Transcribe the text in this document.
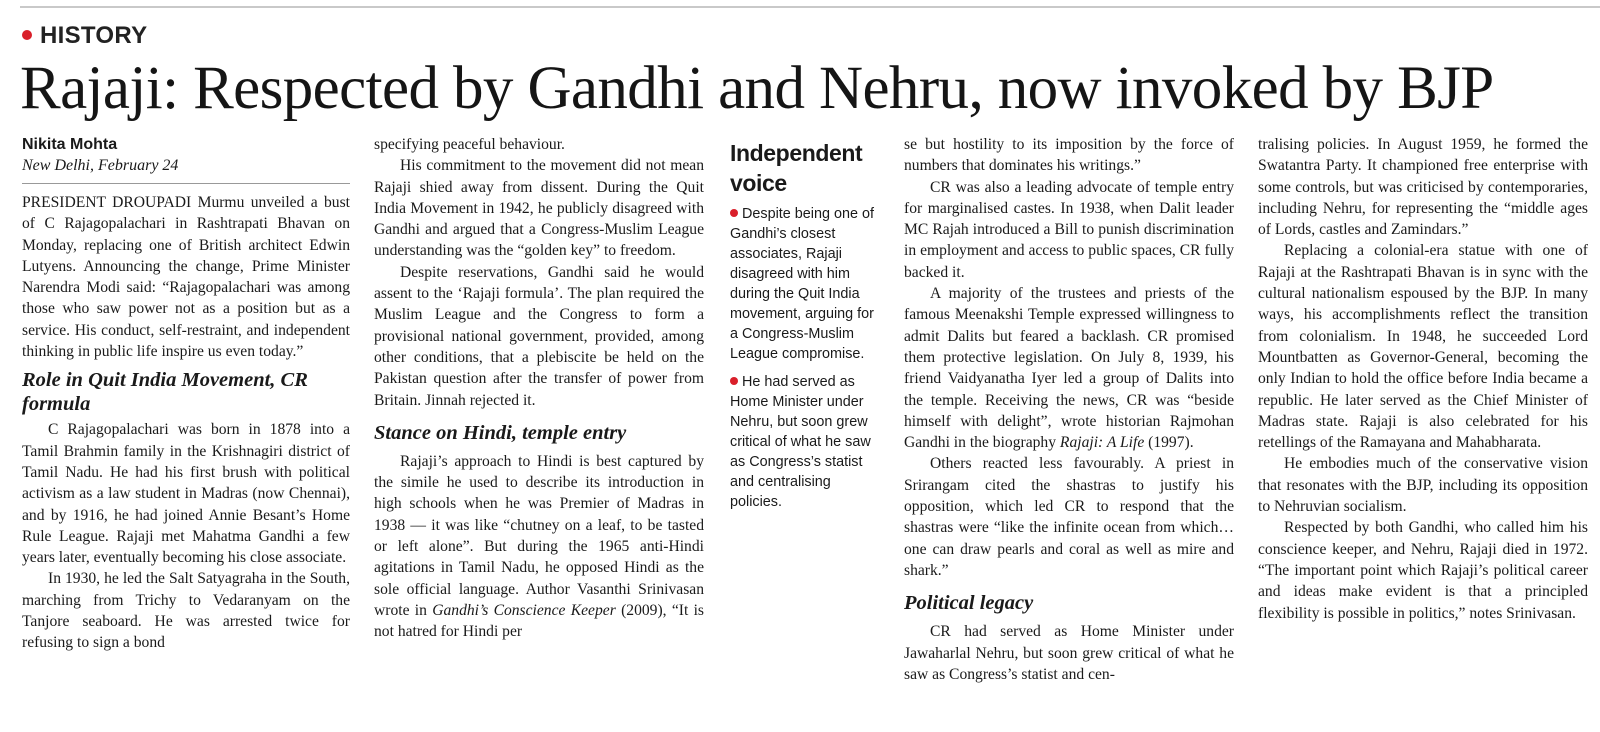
HISTORY
Rajaji: Respected by Gandhi and Nehru, now invoked by BJP
Nikita Mohta
New Delhi, February 24

PRESIDENT DROUPADI Murmu unveiled a bust of C Rajagopalachari in Rashtrapati Bhavan on Monday, replacing one of British architect Edwin Lutyens. Announcing the change, Prime Minister Narendra Modi said: “Rajagopalachari was among those who saw power not as a position but as a service. His conduct, self-restraint, and independent thinking in public life inspire us even today.”

Role in Quit India Movement, CR formula

C Rajagopalachari was born in 1878 into a Tamil Brahmin family in the Krishnagiri district of Tamil Nadu. He had his first brush with political activism as a law student in Madras (now Chennai), and by 1916, he had joined Annie Besant’s Home Rule League. Rajaji met Mahatma Gandhi a few years later, eventually becoming his close associate.

In 1930, he led the Salt Satyagraha in the South, marching from Trichy to Vedaranyam on the Tanjore seaboard. He was arrested twice for refusing to sign a bond

specifying peaceful behaviour.

His commitment to the movement did not mean Rajaji shied away from dissent. During the Quit India Movement in 1942, he publicly disagreed with Gandhi and argued that a Congress-Muslim League understanding was the “golden key” to freedom.

Despite reservations, Gandhi said he would assent to the ‘Rajaji formula’. The plan required the Muslim League and the Congress to form a provisional national government, provided, among other conditions, that a plebiscite be held on the Pakistan question after the transfer of power from Britain. Jinnah rejected it.

Stance on Hindi, temple entry

Rajaji’s approach to Hindi is best captured by the simile he used to describe its introduction in high schools when he was Premier of Madras in 1938 — it was like “chutney on a leaf, to be tasted or left alone”. But during the 1965 anti-Hindi agitations in Tamil Nadu, he opposed Hindi as the sole official language. Author Vasanthi Srinivasan wrote in Gandhi’s Conscience Keeper (2009), “It is not hatred for Hindi per

Independent
voice
Despite being one of Gandhi’s closest associates, Rajaji disagreed with him during the Quit India movement, arguing for a Congress-Muslim League compromise.
He had served as Home Minister under Nehru, but soon grew critical of what he saw as Congress’s statist and centralising policies.

se but hostility to its imposition by the force of numbers that dominates his writings.”

CR was also a leading advocate of temple entry for marginalised castes. In 1938, when Dalit leader MC Rajah introduced a Bill to punish discrimination in employment and access to public spaces, CR fully backed it.

A majority of the trustees and priests of the famous Meenakshi Temple expressed willingness to admit Dalits but feared a backlash. CR promised them protective legislation. On July 8, 1939, his friend Vaidyanatha Iyer led a group of Dalits into the temple. Receiving the news, CR was “beside himself with delight”, wrote historian Rajmohan Gandhi in the biography Rajaji: A Life (1997).

Others reacted less favourably. A priest in Srirangam cited the shastras to justify his opposition, which led CR to respond that the shastras were “like the infinite ocean from which… one can draw pearls and coral as well as mire and shark.”

Political legacy

CR had served as Home Minister under Jawaharlal Nehru, but soon grew critical of what he saw as Congress’s statist and cen-

tralising policies. In August 1959, he formed the Swatantra Party. It championed free enterprise with some controls, but was criticised by contemporaries, including Nehru, for representing the “middle ages of Lords, castles and Zamindars.”

Replacing a colonial-era statue with one of Rajaji at the Rashtrapati Bhavan is in sync with the cultural nationalism espoused by the BJP. In many ways, his accomplishments reflect the transition from colonialism. In 1948, he succeeded Lord Mountbatten as Governor-General, becoming the only Indian to hold the office before India became a republic. He later served as the Chief Minister of Madras state. Rajaji is also celebrated for his retellings of the Ramayana and Mahabharata.

He embodies much of the conservative vision that resonates with the BJP, including its opposition to Nehruvian socialism.

Respected by both Gandhi, who called him his conscience keeper, and Nehru, Rajaji died in 1972. “The important point which Rajaji’s political career and ideas make evident is that a principled flexibility is possible in politics,” notes Srinivasan.
